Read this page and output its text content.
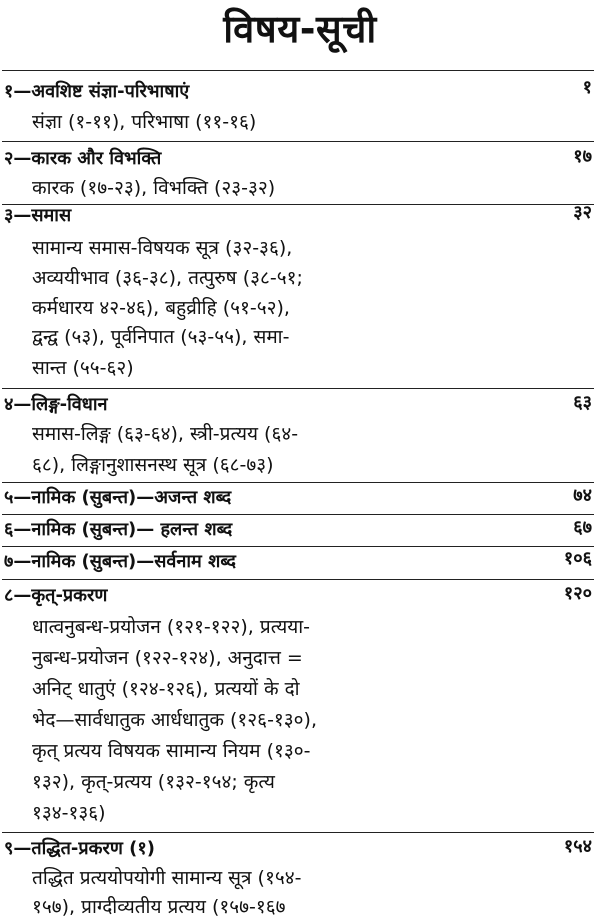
विषय-सूची
१—अवशिष्ट संज्ञा-परिभाषाएं	१
संज्ञा (१-११), परिभाषा (११-१६)
२—कारक और विभक्ति	१७
कारक (१७-२३), विभक्ति (२३-३२)
३—समास	३२
सामान्य समास-विषयक सूत्र (३२-३६),
अव्ययीभाव (३६-३८), तत्पुरुष (३८-५१;
कर्मधारय ४२-४६), बहुव्रीहि (५१-५२),
द्वन्द्व (५३), पूर्वनिपात (५३-५५), समा-
सान्त (५५-६२)
४—लिङ्ग-विधान	६३
समास-लिङ्ग (६३-६४), स्त्री-प्रत्यय (६४-
६८), लिङ्गानुशासनस्थ सूत्र (६८-७३)
५—नामिक (सुबन्त)—अजन्त शब्द	७४
६—नामिक (सुबन्त)— हलन्त शब्द	६७
७—नामिक (सुबन्त)—सर्वनाम शब्द	१०६
८—कृत्-प्रकरण	१२०
धात्वनुबन्ध-प्रयोजन (१२१-१२२), प्रत्यया-
नुबन्ध-प्रयोजन (१२२-१२४), अनुदात्त =
अनिट् धातुएं (१२४-१२६), प्रत्ययों के दो
भेद—सार्वधातुक आर्धधातुक (१२६-१३०),
कृत् प्रत्यय विषयक सामान्य नियम (१३०-
१३२), कृत्-प्रत्यय (१३२-१५४; कृत्य
१३४-१३६)
९—तद्धित-प्रकरण (१)	१५४
तद्धित प्रत्ययोपयोगी सामान्य सूत्र (१५४-
१५७), प्राग्दीव्यतीय प्रत्यय (१५७-१६७
